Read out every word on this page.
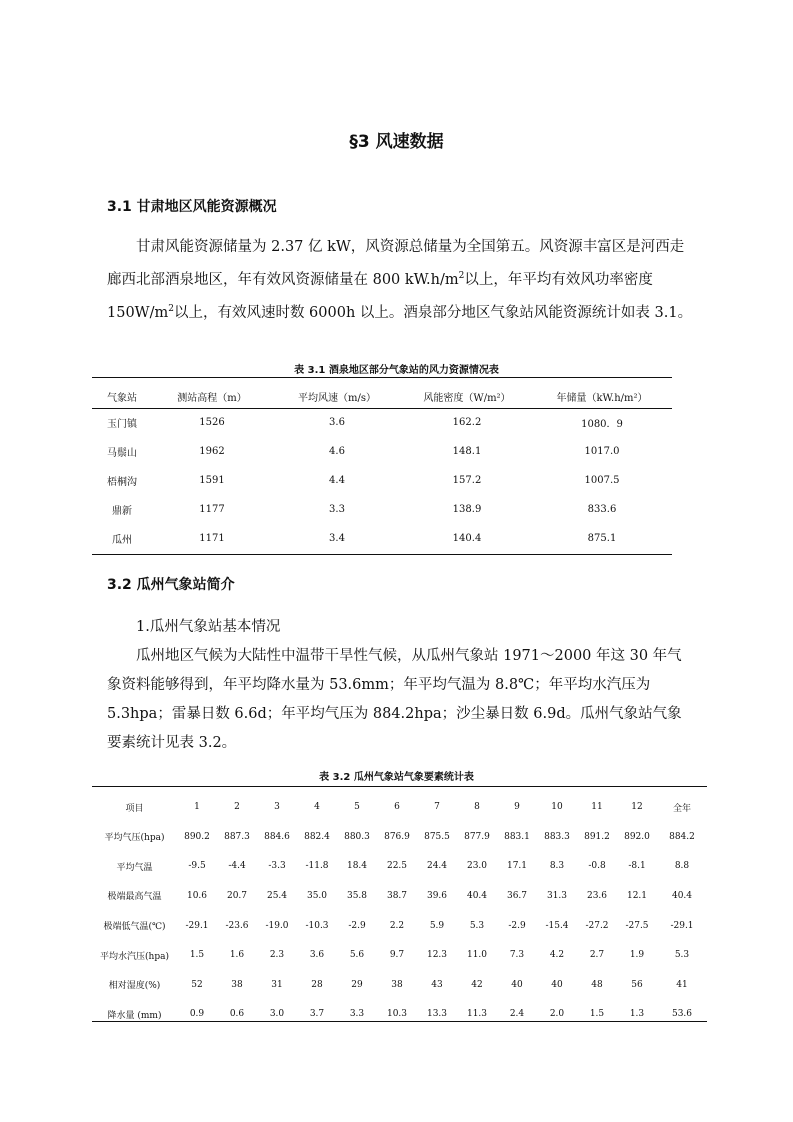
§3 风速数据
3.1 甘肃地区风能资源概况

甘肃风能资源储量为 2.37 亿 kW，风资源总储量为全国第五。风资源丰富区是河西走廊西北部酒泉地区，年有效风资源储量在 800 $kW.h/m^2$以上，年平均有效风功率密度 $150W/m^2$以上，有效风速时数 6000h 以上。酒泉部分地区气象站风能资源统计如表 3.1。

表 3.1 酒泉地区部分气象站的风力资源情况表
气象站	测站高程（m）	平均风速（m/s）	风能密度（W/m²）	年储量（kW.h/m²）
玉门镇	1526	3.6	162.2	1080．9
马鬃山	1962	4.6	148.1	1017.0
梧桐沟	1591	4.4	157.2	1007.5
鼎新	1177	3.3	138.9	833.6
瓜州	1171	3.4	140.4	875.1
3.2 瓜州气象站简介

1.瓜州气象站基本情况

瓜州地区气候为大陆性中温带干旱性气候，从瓜州气象站 1971～2000 年这 30 年气象资料能够得到，年平均降水量为 53.6mm；年平均气温为 8.8℃；年平均水汽压为 5.3hpa；雷暴日数 6.6d；年平均气压为 884.2hpa；沙尘暴日数 6.9d。瓜州气象站气象要素统计见表 3.2。

表 3.2 瓜州气象站气象要素统计表
项目	1	2	3	4	5	6	7	8	9	10	11	12	全年
平均气压(hpa)	890.2	887.3	884.6	882.4	880.3	876.9	875.5	877.9	883.1	883.3	891.2	892.0	884.2
平均气温	-9.5	-4.4	-3.3	-11.8	18.4	22.5	24.4	23.0	17.1	8.3	-0.8	-8.1	8.8
极端最高气温	10.6	20.7	25.4	35.0	35.8	38.7	39.6	40.4	36.7	31.3	23.6	12.1	40.4
极端低气温(℃)	-29.1	-23.6	-19.0	-10.3	-2.9	2.2	5.9	5.3	-2.9	-15.4	-27.2	-27.5	-29.1
平均水汽压(hpa)	1.5	1.6	2.3	3.6	5.6	9.7	12.3	11.0	7.3	4.2	2.7	1.9	5.3
相对湿度(%)	52	38	31	28	29	38	43	42	40	40	48	56	41
降水量 (mm)	0.9	0.6	3.0	3.7	3.3	10.3	13.3	11.3	2.4	2.0	1.5	1.3	53.6
